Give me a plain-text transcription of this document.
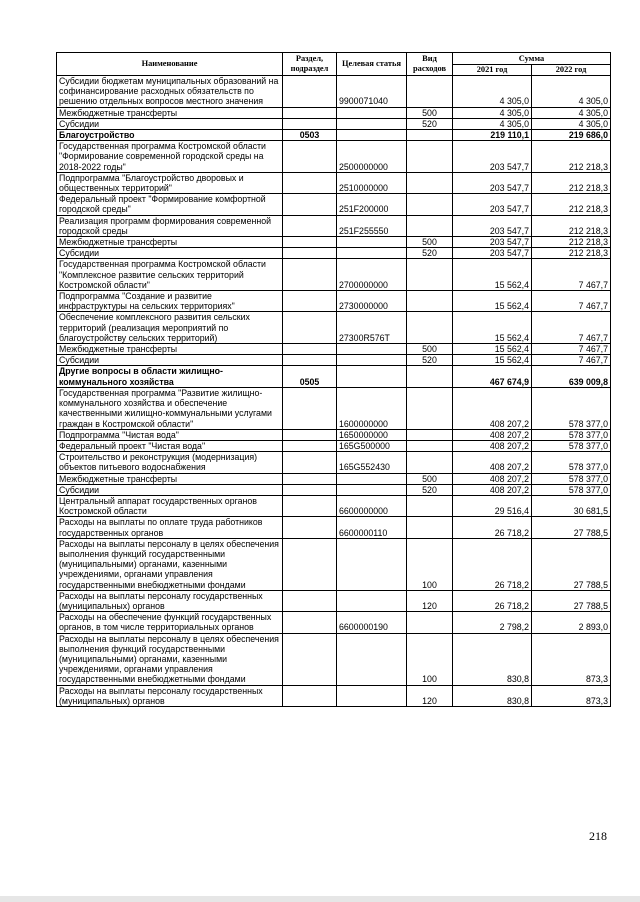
Наименование	Раздел, подраздел	Целевая статья	Вид расходов	Сумма	
				2021 год	2022 год
Субсидии бюджетам муниципальных образований на софинансирование расходных обязательств по решению отдельных вопросов местного значения		9900071040		4 305,0	4 305,0
Межбюджетные трансферты			500	4 305,0	4 305,0
Субсидии			520	4 305,0	4 305,0
Благоустройство	0503			219 110,1	219 686,0
Государственная программа Костромской области "Формирование современной городской среды на 2018-2022 годы"		2500000000		203 547,7	212 218,3
Подпрограмма "Благоустройство дворовых и общественных территорий"		2510000000		203 547,7	212 218,3
Федеральный проект "Формирование комфортной городской среды"		251F200000		203 547,7	212 218,3
Реализация программ формирования современной городской среды		251F255550		203 547,7	212 218,3
Межбюджетные трансферты			500	203 547,7	212 218,3
Субсидии			520	203 547,7	212 218,3
Государственная программа Костромской области "Комплексное развитие сельских территорий Костромской области"		2700000000		15 562,4	7 467,7
Подпрограмма "Создание и развитие инфраструктуры на сельских территориях"		2730000000		15 562,4	7 467,7
Обеспечение комплексного развития сельских территорий (реализация мероприятий по благоустройству сельских территорий)		27300R576T		15 562,4	7 467,7
Межбюджетные трансферты			500	15 562,4	7 467,7
Субсидии			520	15 562,4	7 467,7
Другие вопросы в области жилищно-коммунального хозяйства	0505			467 674,9	639 009,8
Государственная программа "Развитие жилищно-коммунального хозяйства и обеспечение качественными жилищно-коммунальными услугами граждан в Костромской области"		1600000000		408 207,2	578 377,0
Подпрограмма "Чистая вода"		1650000000		408 207,2	578 377,0
Федеральный проект "Чистая вода"		165G500000		408 207,2	578 377,0
Строительство и реконструкция (модернизация) объектов питьевого водоснабжения		165G552430		408 207,2	578 377,0
Межбюджетные трансферты			500	408 207,2	578 377,0
Субсидии			520	408 207,2	578 377,0
Центральный аппарат государственных органов Костромской области		6600000000		29 516,4	30 681,5
Расходы на выплаты по оплате труда работников государственных органов		6600000110		26 718,2	27 788,5
Расходы на выплаты персоналу в целях обеспечения выполнения функций государственными (муниципальными) органами, казенными учреждениями, органами управления государственными внебюджетными фондами			100	26 718,2	27 788,5
Расходы на выплаты персоналу государственных (муниципальных) органов			120	26 718,2	27 788,5
Расходы на обеспечение функций государственных органов, в том числе территориальных органов		6600000190		2 798,2	2 893,0
Расходы на выплаты персоналу в целях обеспечения выполнения функций государственными (муниципальными) органами, казенными учреждениями, органами управления государственными внебюджетными фондами			100	830,8	873,3
Расходы на выплаты персоналу государственных (муниципальных) органов			120	830,8	873,3
218
